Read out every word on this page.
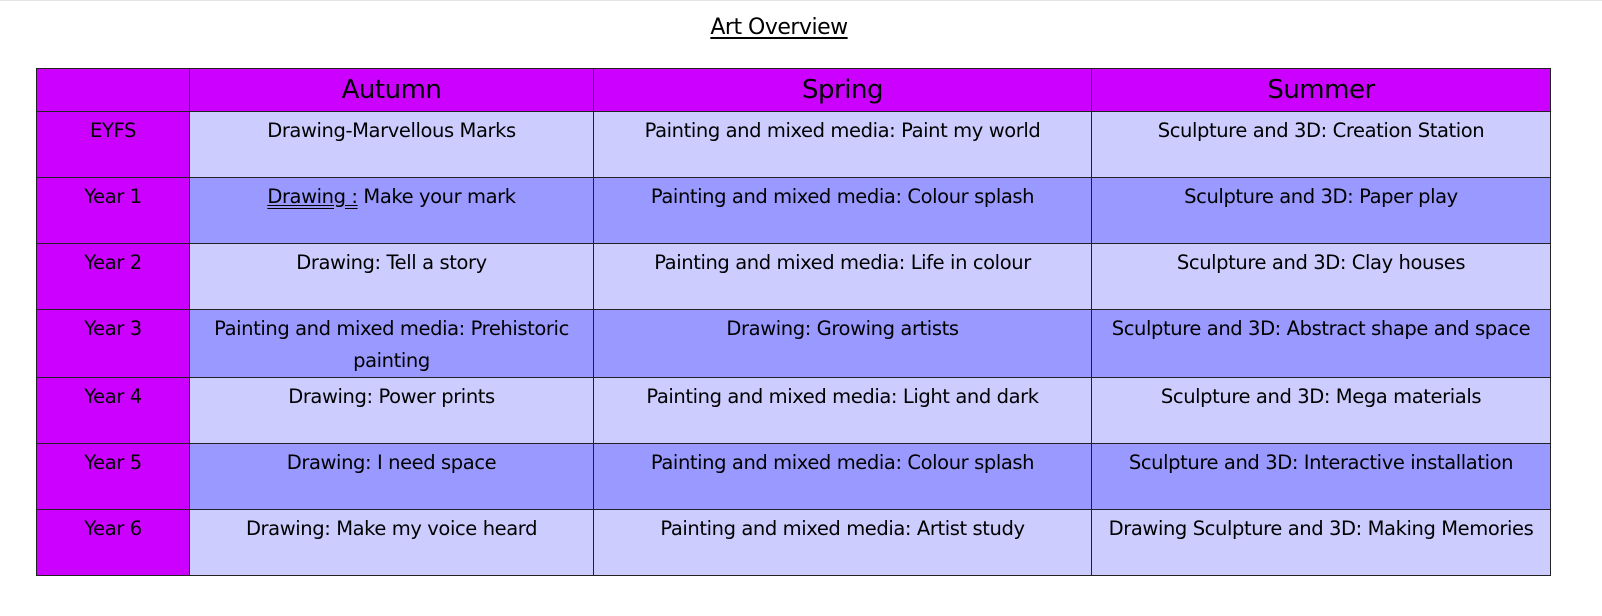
Art Overview
	Autumn	Spring	Summer
EYFS	Drawing-Marvellous Marks	Painting and mixed media: Paint my world	Sculpture and 3D: Creation Station
Year 1	Drawing : Make your mark	Painting and mixed media: Colour splash	Sculpture and 3D: Paper play
Year 2	Drawing: Tell a story	Painting and mixed media: Life in colour	Sculpture and 3D: Clay houses
Year 3	Painting and mixed media: Prehistoric painting	Drawing: Growing artists	Sculpture and 3D: Abstract shape and space
Year 4	Drawing: Power prints	Painting and mixed media: Light and dark	Sculpture and 3D: Mega materials
Year 5	Drawing: I need space	Painting and mixed media: Colour splash	Sculpture and 3D: Interactive installation
Year 6	Drawing: Make my voice heard	Painting and mixed media: Artist study	Drawing Sculpture and 3D: Making Memories
